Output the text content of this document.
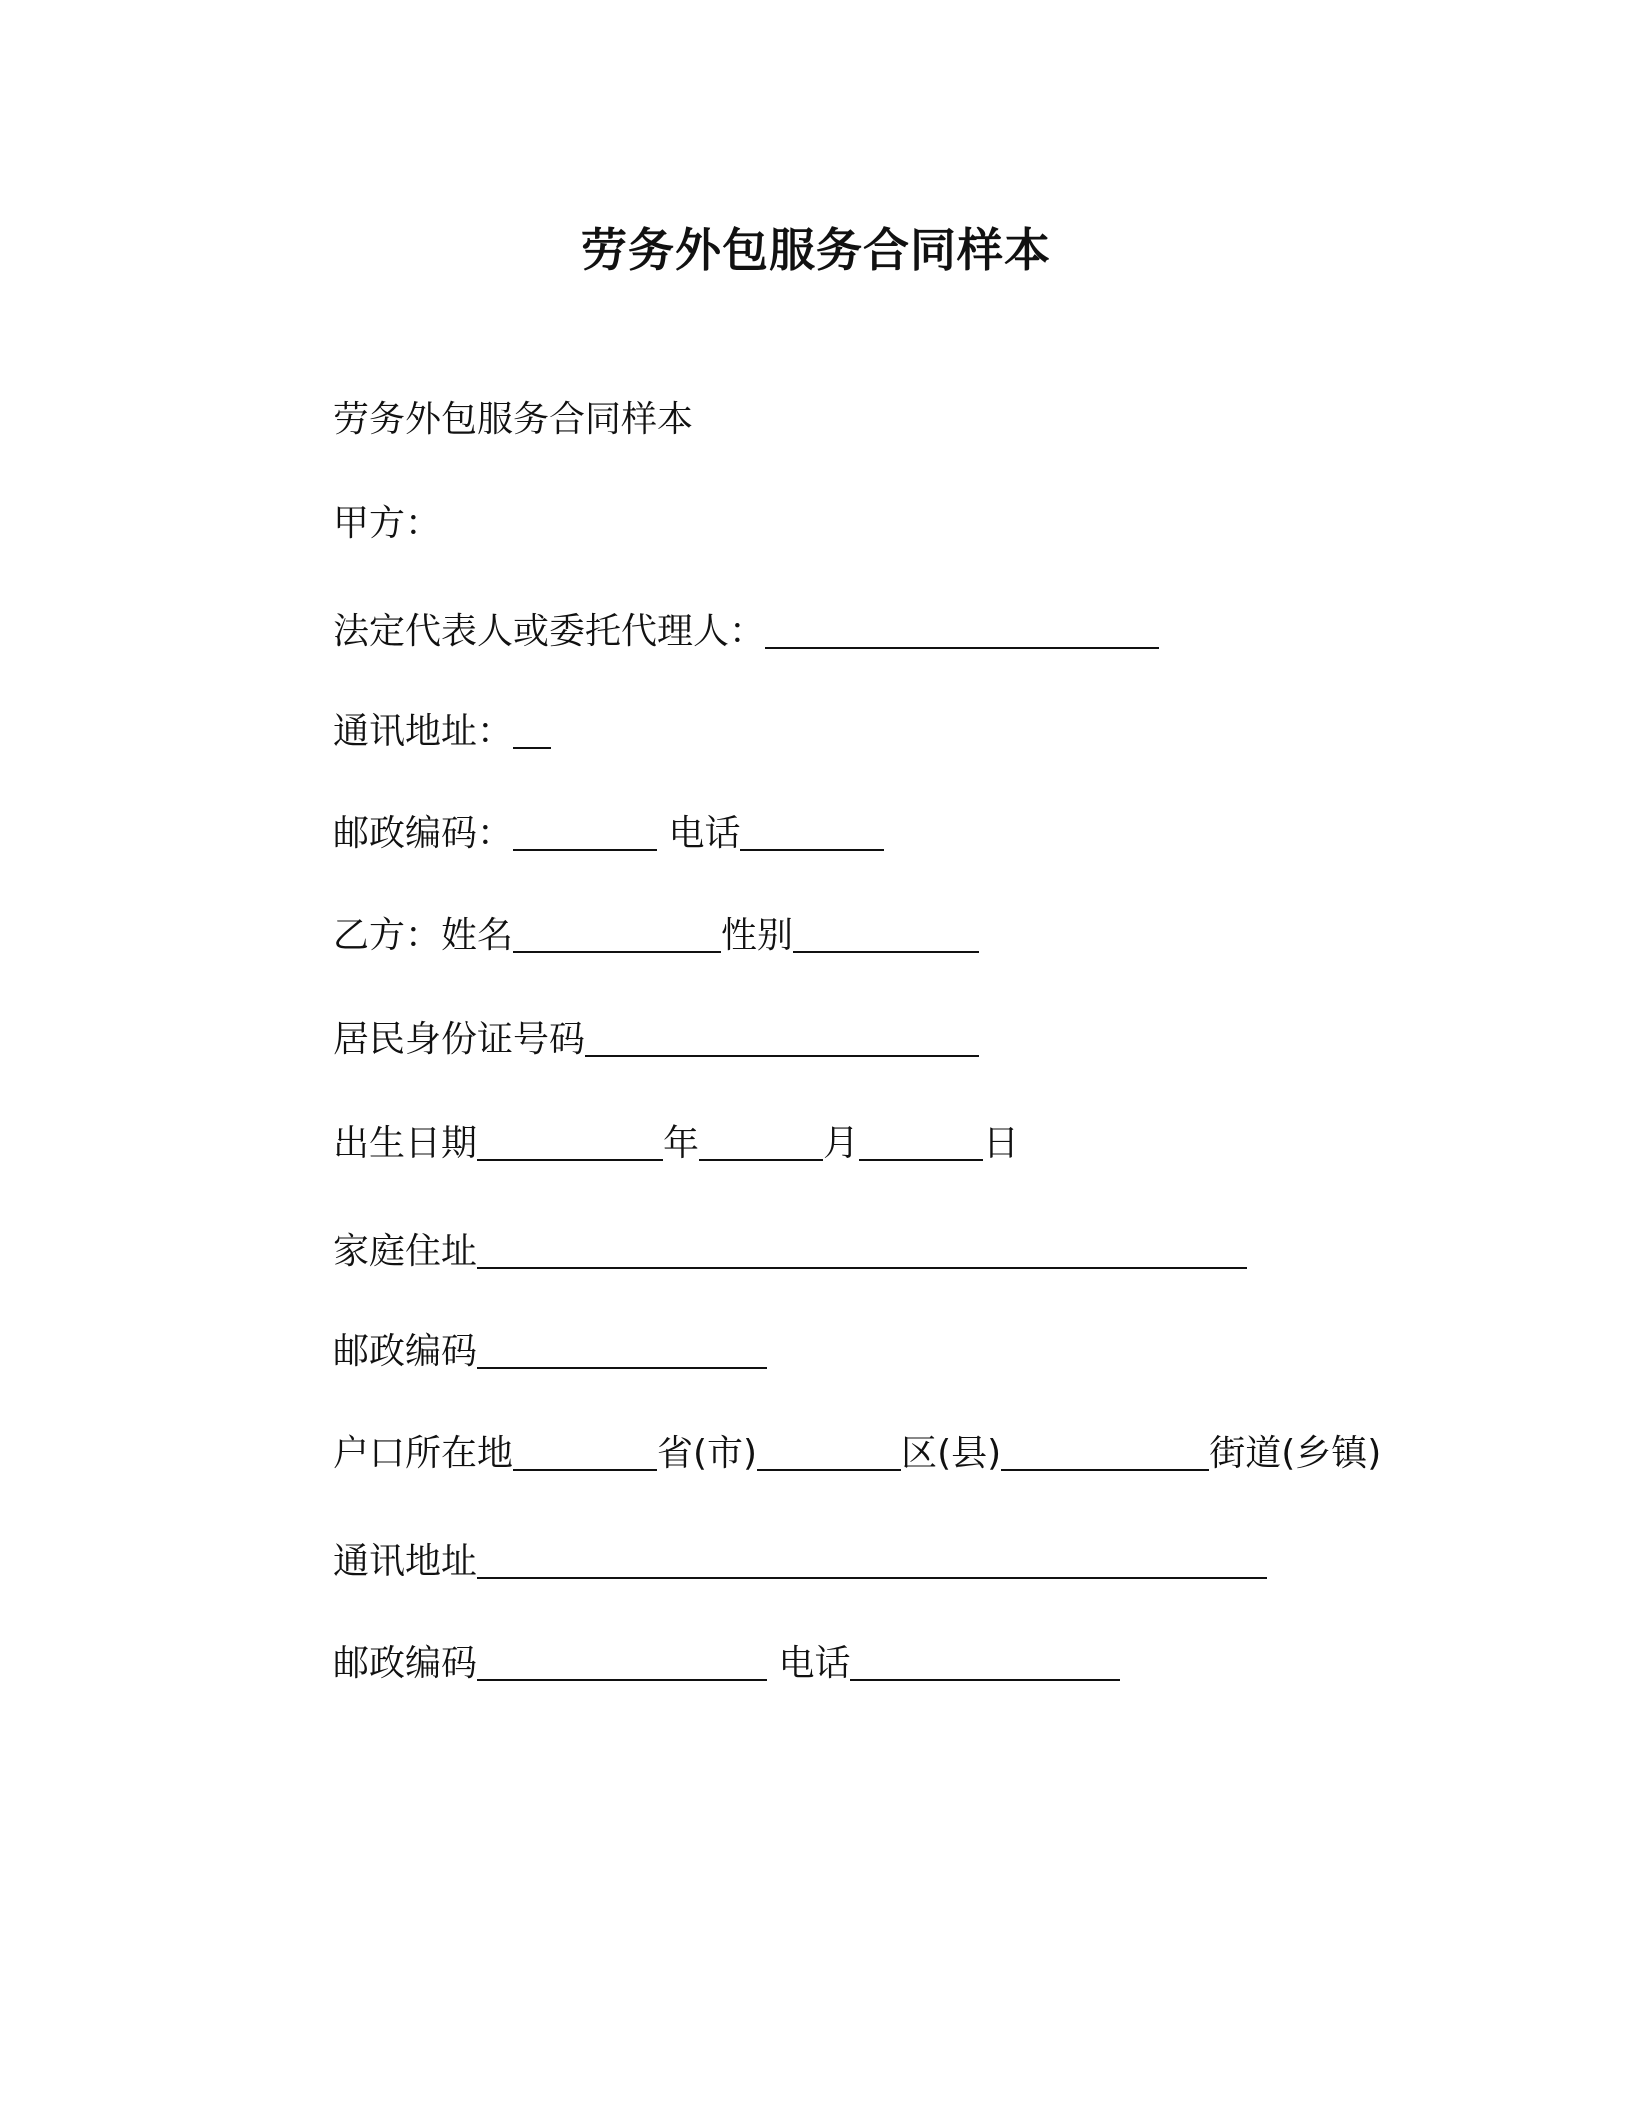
劳务外包服务合同样本
劳务外包服务合同样本
甲方：
法定代表人或委托代理人：
通讯地址：
邮政编码：	电话
乙方：姓名	性别
居民身份证号码
出生日期	年	月	日
家庭住址
邮政编码
户口所在地	省(市)	区(县)	街道(乡镇)
通讯地址
邮政编码	电话
